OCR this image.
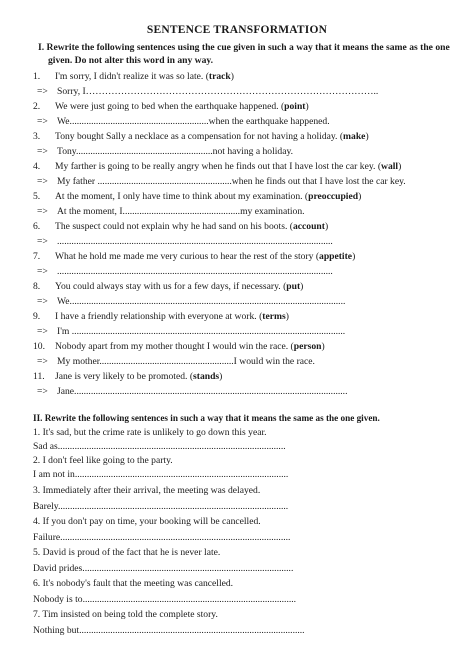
SENTENCE TRANSFORMATION
I. Rewrite the following sentences using the cue given in such a way that it means the same as the one
given. Do not alter this word in any way.
1. I'm sorry, I didn't realize it was so late. (track)
=> Sorry, I………………………………………………………………………………..
2. We were just going to bed when the earthquake happened. (point)
=> We..........................................................when the earthquake happened.
3. Tony bought Sally a necklace as a compensation for not having a holiday. (make)
=> Tony.........................................................not having a holiday.
4. My farther is going to be really angry when he finds out that I have lost the car key. (wall)
=> My father ........................................................when he finds out that I have lost the car key.
5. At the moment, I only have time to think about my examination. (preoccupied)
=> At the moment, I.................................................my examination.
6. The suspect could not explain why he had sand on his boots. (account)
=> ...................................................................................................................
7. What he hold me made me very curious to hear the rest of the story (appetite)
=> ...................................................................................................................
8. You could always stay with us for a few days, if necessary. (put)
=> We...................................................................................................................
9. I have a friendly relationship with everyone at work. (terms)
=> I'm ..................................................................................................................
10. Nobody apart from my mother thought I would win the race. (person)
=> My mother........................................................I would win the race.
11. Jane is very likely to be promoted. (stands)
=> Jane..................................................................................................................
II. Rewrite the following sentences in such a way that it means the same as the one given.
1. It's sad, but the crime rate is unlikely to go down this year.
Sad as...............................................................................................
2. I don't feel like going to the party.
I am not in.........................................................................................
3. Immediately after their arrival, the meeting was delayed.
Barely................................................................................................
4. If you don't pay on time, your booking will be cancelled.
Failure................................................................................................
5. David is proud of the fact that he is never late.
David prides........................................................................................
6. It's nobody's fault that the meeting was cancelled.
Nobody is to.........................................................................................
7. Tim insisted on being told the complete story.
Nothing but..............................................................................................
